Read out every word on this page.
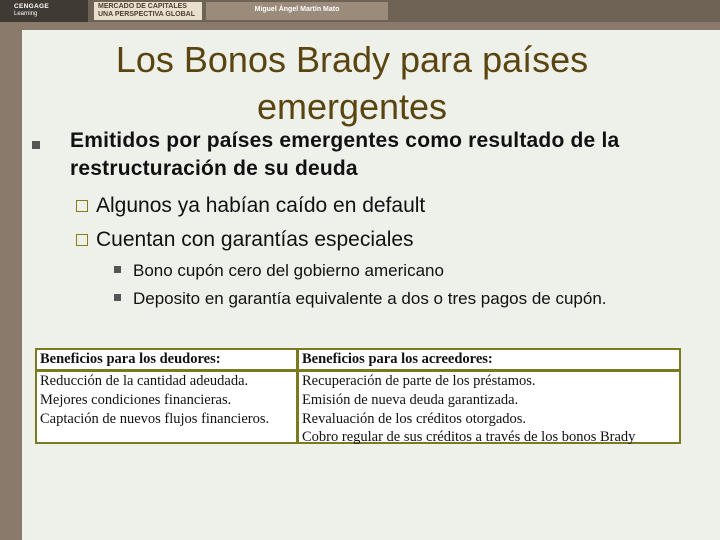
CENGAGE
Learning
MERCADO DE CAPITALES
UNA PERSPECTIVA GLOBAL
Miguel Ángel Martín Mato
Los Bonos Brady para países emergentes
Emitidos por países emergentes como resultado de la restructuración de su deuda
Algunos ya habían caído en default
Cuentan con garantías especiales
Bono cupón cero del gobierno americano
Deposito en garantía equivalente a dos o tres pagos de cupón.
Beneficios para los deudores:
Reducción de la cantidad adeudada.
Mejores condiciones financieras.
Captación de nuevos flujos financieros.
Beneficios para los acreedores:
Recuperación de parte de los préstamos.
Emisión de nueva deuda garantizada.
Revaluación de los créditos otorgados.
Cobro regular de sus créditos a través de los bonos Brady
